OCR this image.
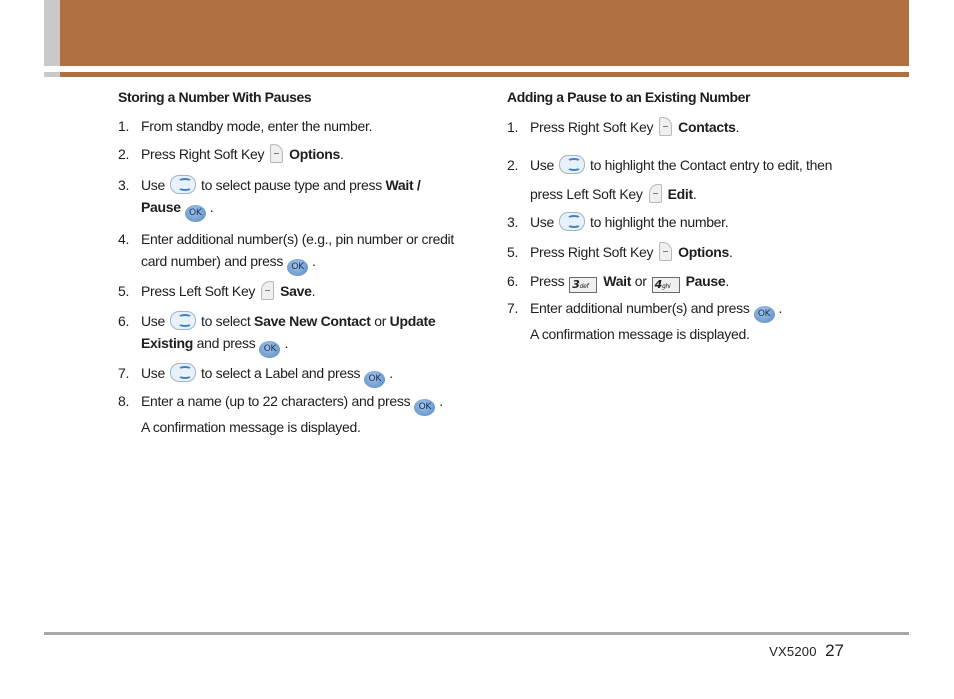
Storing a Number With Pauses
1. From standby mode, enter the number.
2. Press Right Soft Key Options.
3. Use	to select pause type and press Wait /
Pause OK .
4. Enter additional number(s) (e.g., pin number or credit
card number) and press OK .
5. Press Left Soft Key Save.
6. Use	to select Save New Contact or Update
Existing and press OK .
7. Use	to select a Label and press OK .
8. Enter a name (up to 22 characters) and press OK .
A confirmation message is displayed.
Adding a Pause to an Existing Number
1. Press Right Soft Key Contacts.
2. Use	to highlight the Contact entry to edit, then
press Left Soft Key Edit.
3. Use	to highlight the number.
5. Press Right Soft Key Options.
6. Press 3def Wait or 4ghi Pause.
7. Enter additional number(s) and press OK .
A confirmation message is displayed.
VX5200 27
